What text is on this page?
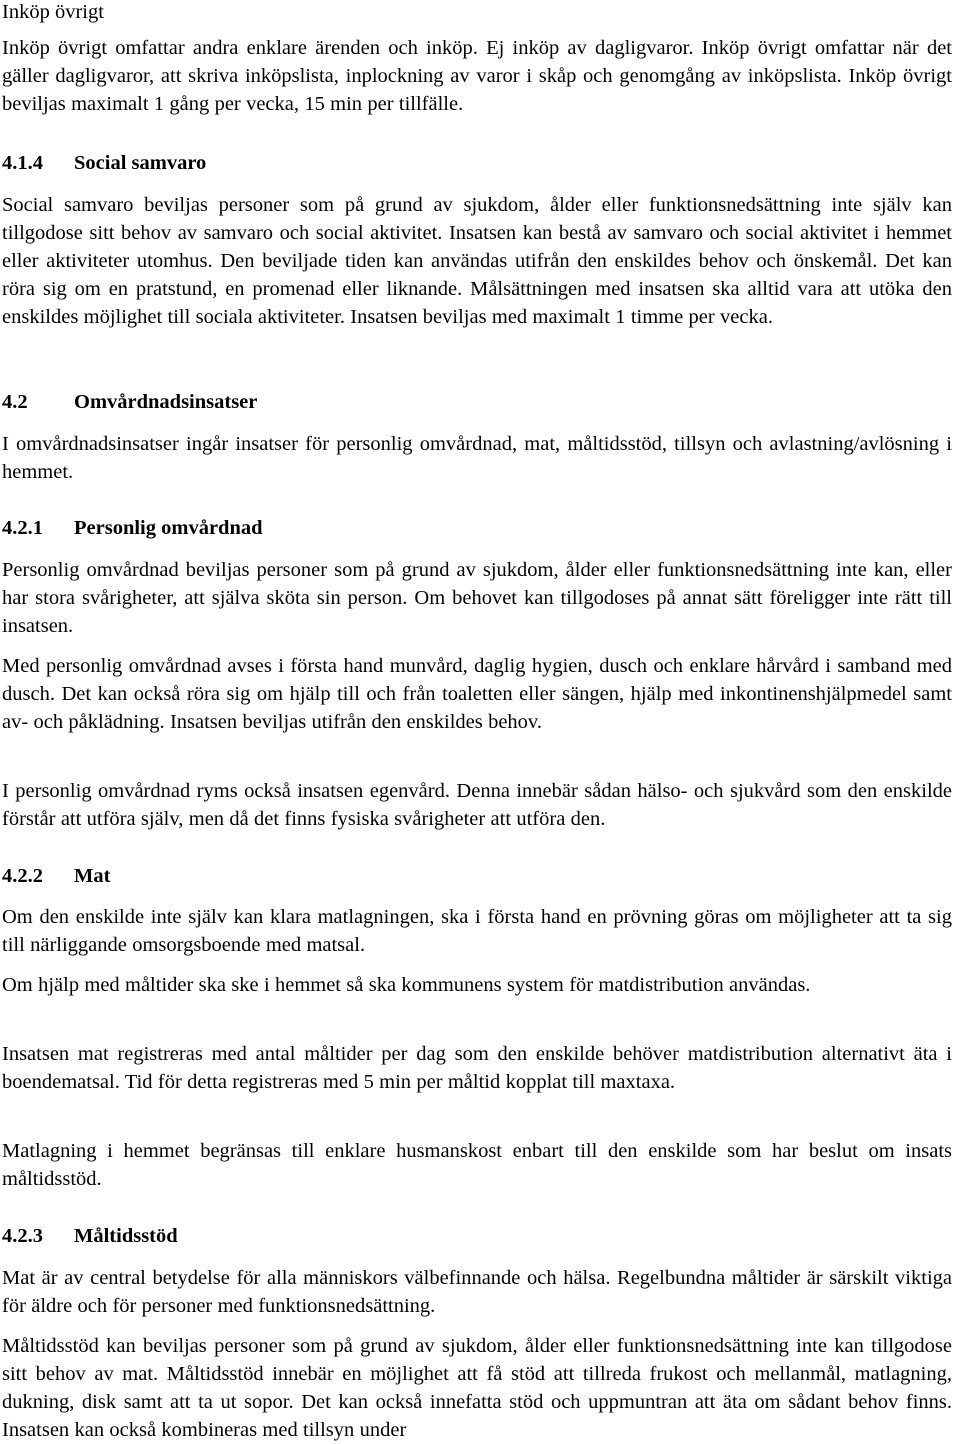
Inköp övrigt

Inköp övrigt omfattar andra enklare ärenden och inköp. Ej inköp av dagligvaror. Inköp övrigt omfattar när det gäller dagligvaror, att skriva inköpslista, inplockning av varor i skåp och genomgång av inköpslista. Inköp övrigt beviljas maximalt 1 gång per vecka, 15 min per tillfälle.

4.1.4 Social samvaro

Social samvaro beviljas personer som på grund av sjukdom, ålder eller funktionsnedsättning inte själv kan tillgodose sitt behov av samvaro och social aktivitet. Insatsen kan bestå av samvaro och social aktivitet i hemmet eller aktiviteter utomhus. Den beviljade tiden kan användas utifrån den enskildes behov och önskemål. Det kan röra sig om en pratstund, en promenad eller liknande. Målsättningen med insatsen ska alltid vara att utöka den enskildes möjlighet till sociala aktiviteter. Insatsen beviljas med maximalt 1 timme per vecka.

4.2 Omvårdnadsinsatser

I omvårdnadsinsatser ingår insatser för personlig omvårdnad, mat, måltidsstöd, tillsyn och avlastning/avlösning i hemmet.

4.2.1 Personlig omvårdnad

Personlig omvårdnad beviljas personer som på grund av sjukdom, ålder eller funktionsnedsättning inte kan, eller har stora svårigheter, att själva sköta sin person. Om behovet kan tillgodoses på annat sätt föreligger inte rätt till insatsen.

Med personlig omvårdnad avses i första hand munvård, daglig hygien, dusch och enklare hårvård i samband med dusch. Det kan också röra sig om hjälp till och från toaletten eller sängen, hjälp med inkontinenshjälpmedel samt av- och påklädning. Insatsen beviljas utifrån den enskildes behov.

I personlig omvårdnad ryms också insatsen egenvård. Denna innebär sådan hälso- och sjukvård som den enskilde förstår att utföra själv, men då det finns fysiska svårigheter att utföra den.

4.2.2 Mat

Om den enskilde inte själv kan klara matlagningen, ska i första hand en prövning göras om möjligheter att ta sig till närliggande omsorgsboende med matsal.

Om hjälp med måltider ska ske i hemmet så ska kommunens system för matdistribution användas.

Insatsen mat registreras med antal måltider per dag som den enskilde behöver matdistribution alternativt äta i boendematsal. Tid för detta registreras med 5 min per måltid kopplat till maxtaxa.

Matlagning i hemmet begränsas till enklare husmanskost enbart till den enskilde som har beslut om insats måltidsstöd.

4.2.3 Måltidsstöd

Mat är av central betydelse för alla människors välbefinnande och hälsa. Regelbundna måltider är särskilt viktiga för äldre och för personer med funktionsnedsättning.

Måltidsstöd kan beviljas personer som på grund av sjukdom, ålder eller funktionsnedsättning inte kan tillgodose sitt behov av mat. Måltidsstöd innebär en möjlighet att få stöd att tillreda frukost och mellanmål, matlagning, dukning, disk samt att ta ut sopor. Det kan också innefatta stöd och uppmuntran att äta om sådant behov finns. Insatsen kan också kombineras med tillsyn under
